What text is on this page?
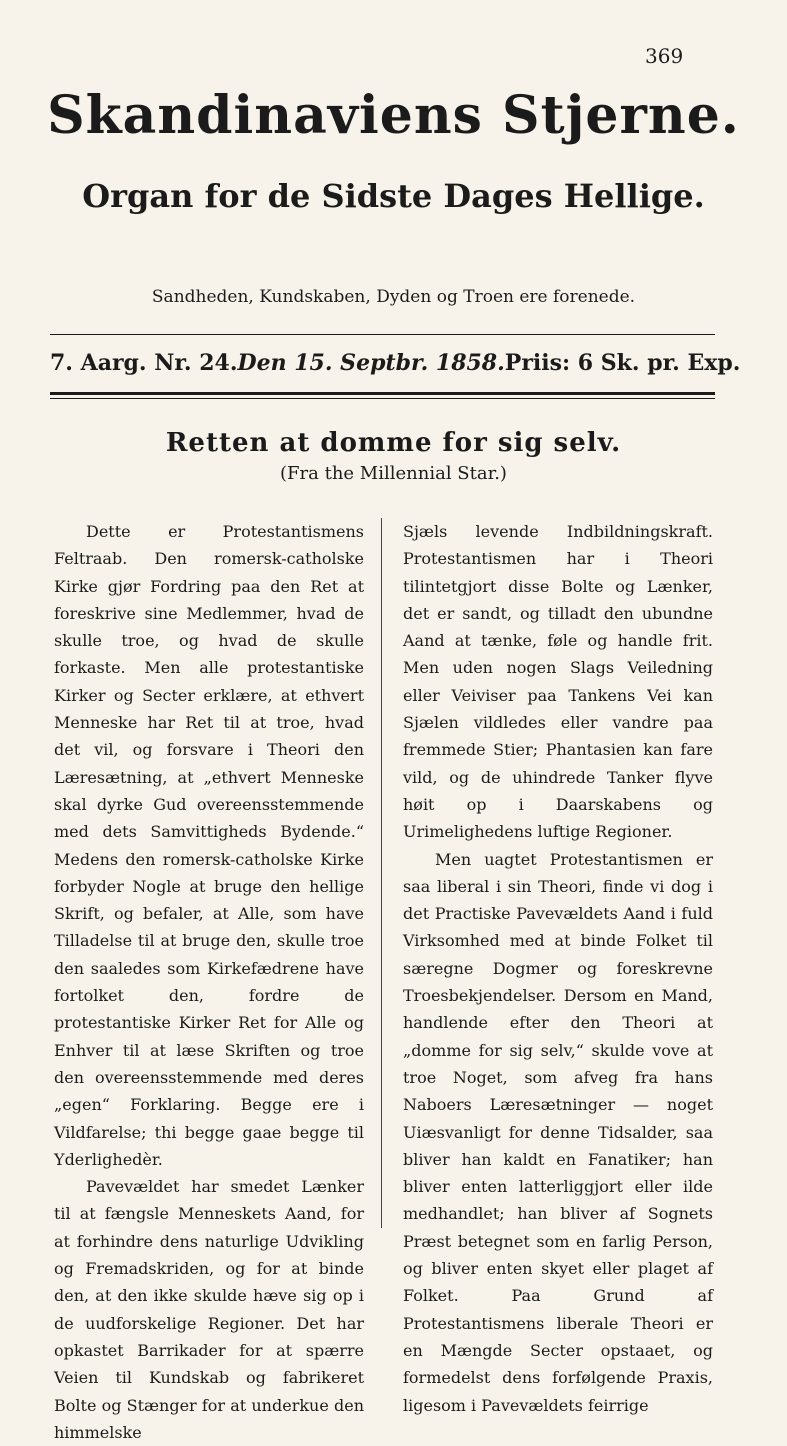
369
Skandinaviens Stjerne.
Organ for de Sidste Dages Hellige.
Sandheden, Kundskaben, Dyden og Troen ere forenede.
7. Aarg. Nr. 24. Den 15. Septbr. 1858. Priis: 6 Sk. pr. Exp.
Retten at domme for sig selv.
(Fra the Millennial Star.)

Dette er Protestantismens Feltraab. Den romersk-catholske Kirke gjør Fordring paa den Ret at foreskrive sine Medlemmer, hvad de skulle troe, og hvad de skulle forkaste. Men alle protestantiske Kirker og Secter erklære, at ethvert Menneske har Ret til at troe, hvad det vil, og forsvare i Theori den Læresætning, at „ethvert Menneske skal dyrke Gud overeensstemmende med dets Samvittigheds Bydende.“ Medens den romersk-catholske Kirke forbyder Nogle at bruge den hellige Skrift, og befaler, at Alle, som have Tilladelse til at bruge den, skulle troe den saaledes som Kirkefædrene have fortolket den, fordre de protestantiske Kirker Ret for Alle og Enhver til at læse Skriften og troe den overeensstemmende med deres „egen“ Forklaring. Begge ere i Vildfarelse; thi begge gaae begge til Yderlighedèr.

Pavevældet har smedet Lænker til at fængsle Menneskets Aand, for at forhindre dens naturlige Udvikling og Fremadskriden, og for at binde den, at den ikke skulde hæve sig op i de uudforskelige Regioner. Det har opkastet Barrikader for at spærre Veien til Kundskab og fabrikeret Bolte og Stænger for at underkue den himmelske

Sjæls levende Indbildningskraft. Protestantismen har i Theori tilintetgjort disse Bolte og Lænker, det er sandt, og tilladt den ubundne Aand at tænke, føle og handle frit. Men uden nogen Slags Veiledning eller Veiviser paa Tankens Vei kan Sjælen vildledes eller vandre paa fremmede Stier; Phantasien kan fare vild, og de uhindrede Tanker flyve høit op i Daarskabens og Urimelighedens luftige Regioner.

Men uagtet Protestantismen er saa liberal i sin Theori, finde vi dog i det Practiske Pavevældets Aand i fuld Virksomhed med at binde Folket til særegne Dogmer og foreskrevne Troesbekjendelser. Dersom en Mand, handlende efter den Theori at „domme for sig selv,“ skulde vove at troe Noget, som afveg fra hans Naboers Læresætninger — noget Uiæsvanligt for denne Tidsalder, saa bliver han kaldt en Fanatiker; han bliver enten latterliggjort eller ilde medhandlet; han bliver af Sognets Præst betegnet som en farlig Person, og bliver enten skyet eller plaget af Folket. Paa Grund af Protestantismens liberale Theori er en Mængde Secter opstaaet, og formedelst dens forfølgende Praxis, ligesom i Pavevældets feirrige
